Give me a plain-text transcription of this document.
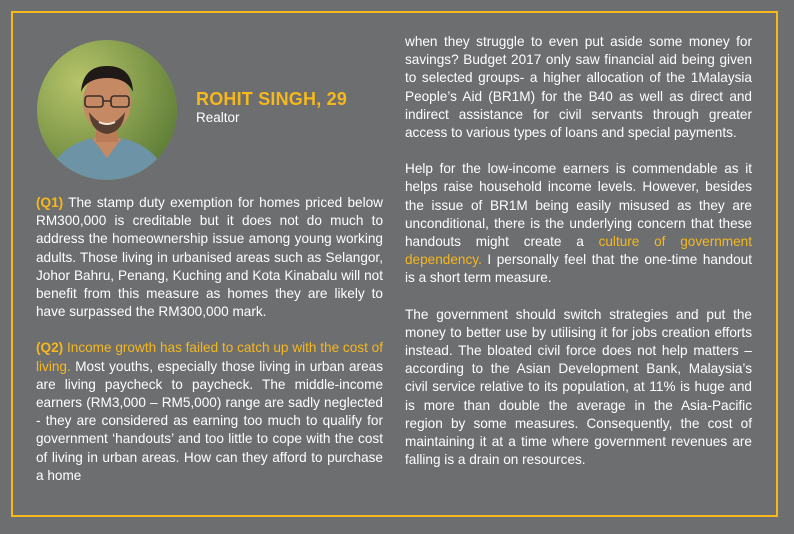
ROHIT SINGH, 29
Realtor

(Q1) The stamp duty exemption for homes priced below RM300,000 is creditable but it does not do much to address the homeownership issue among young working adults. Those living in urbanised areas such as Selangor, Johor Bahru, Penang, Kuching and Kota Kinabalu will not benefit from this measure as homes they are likely to have surpassed the RM300,000 mark.

(Q2) Income growth has failed to catch up with the cost of living. Most youths, especially those living in urban areas are living paycheck to paycheck. The middle-income earners (RM3,000 – RM5,000) range are sadly neglected - they are considered as earning too much to qualify for government ‘handouts’ and too little to cope with the cost of living in urban areas. How can they afford to purchase a home

when they struggle to even put aside some money for savings? Budget 2017 only saw financial aid being given to selected groups- a higher allocation of the 1Malaysia People’s Aid (BR1M) for the B40 as well as direct and indirect assistance for civil servants through greater access to various types of loans and special payments.

Help for the low-income earners is commendable as it helps raise household income levels. However, besides the issue of BR1M being easily misused as they are unconditional, there is the underlying concern that these handouts might create a culture of government dependency. I personally feel that the one-time handout is a short term measure.

The government should switch strategies and put the money to better use by utilising it for jobs creation efforts instead. The bloated civil force does not help matters – according to the Asian Development Bank, Malaysia’s civil service relative to its population, at 11% is huge and is more than double the average in the Asia-Pacific region by some measures. Consequently, the cost of maintaining it at a time where government revenues are falling is a drain on resources.
